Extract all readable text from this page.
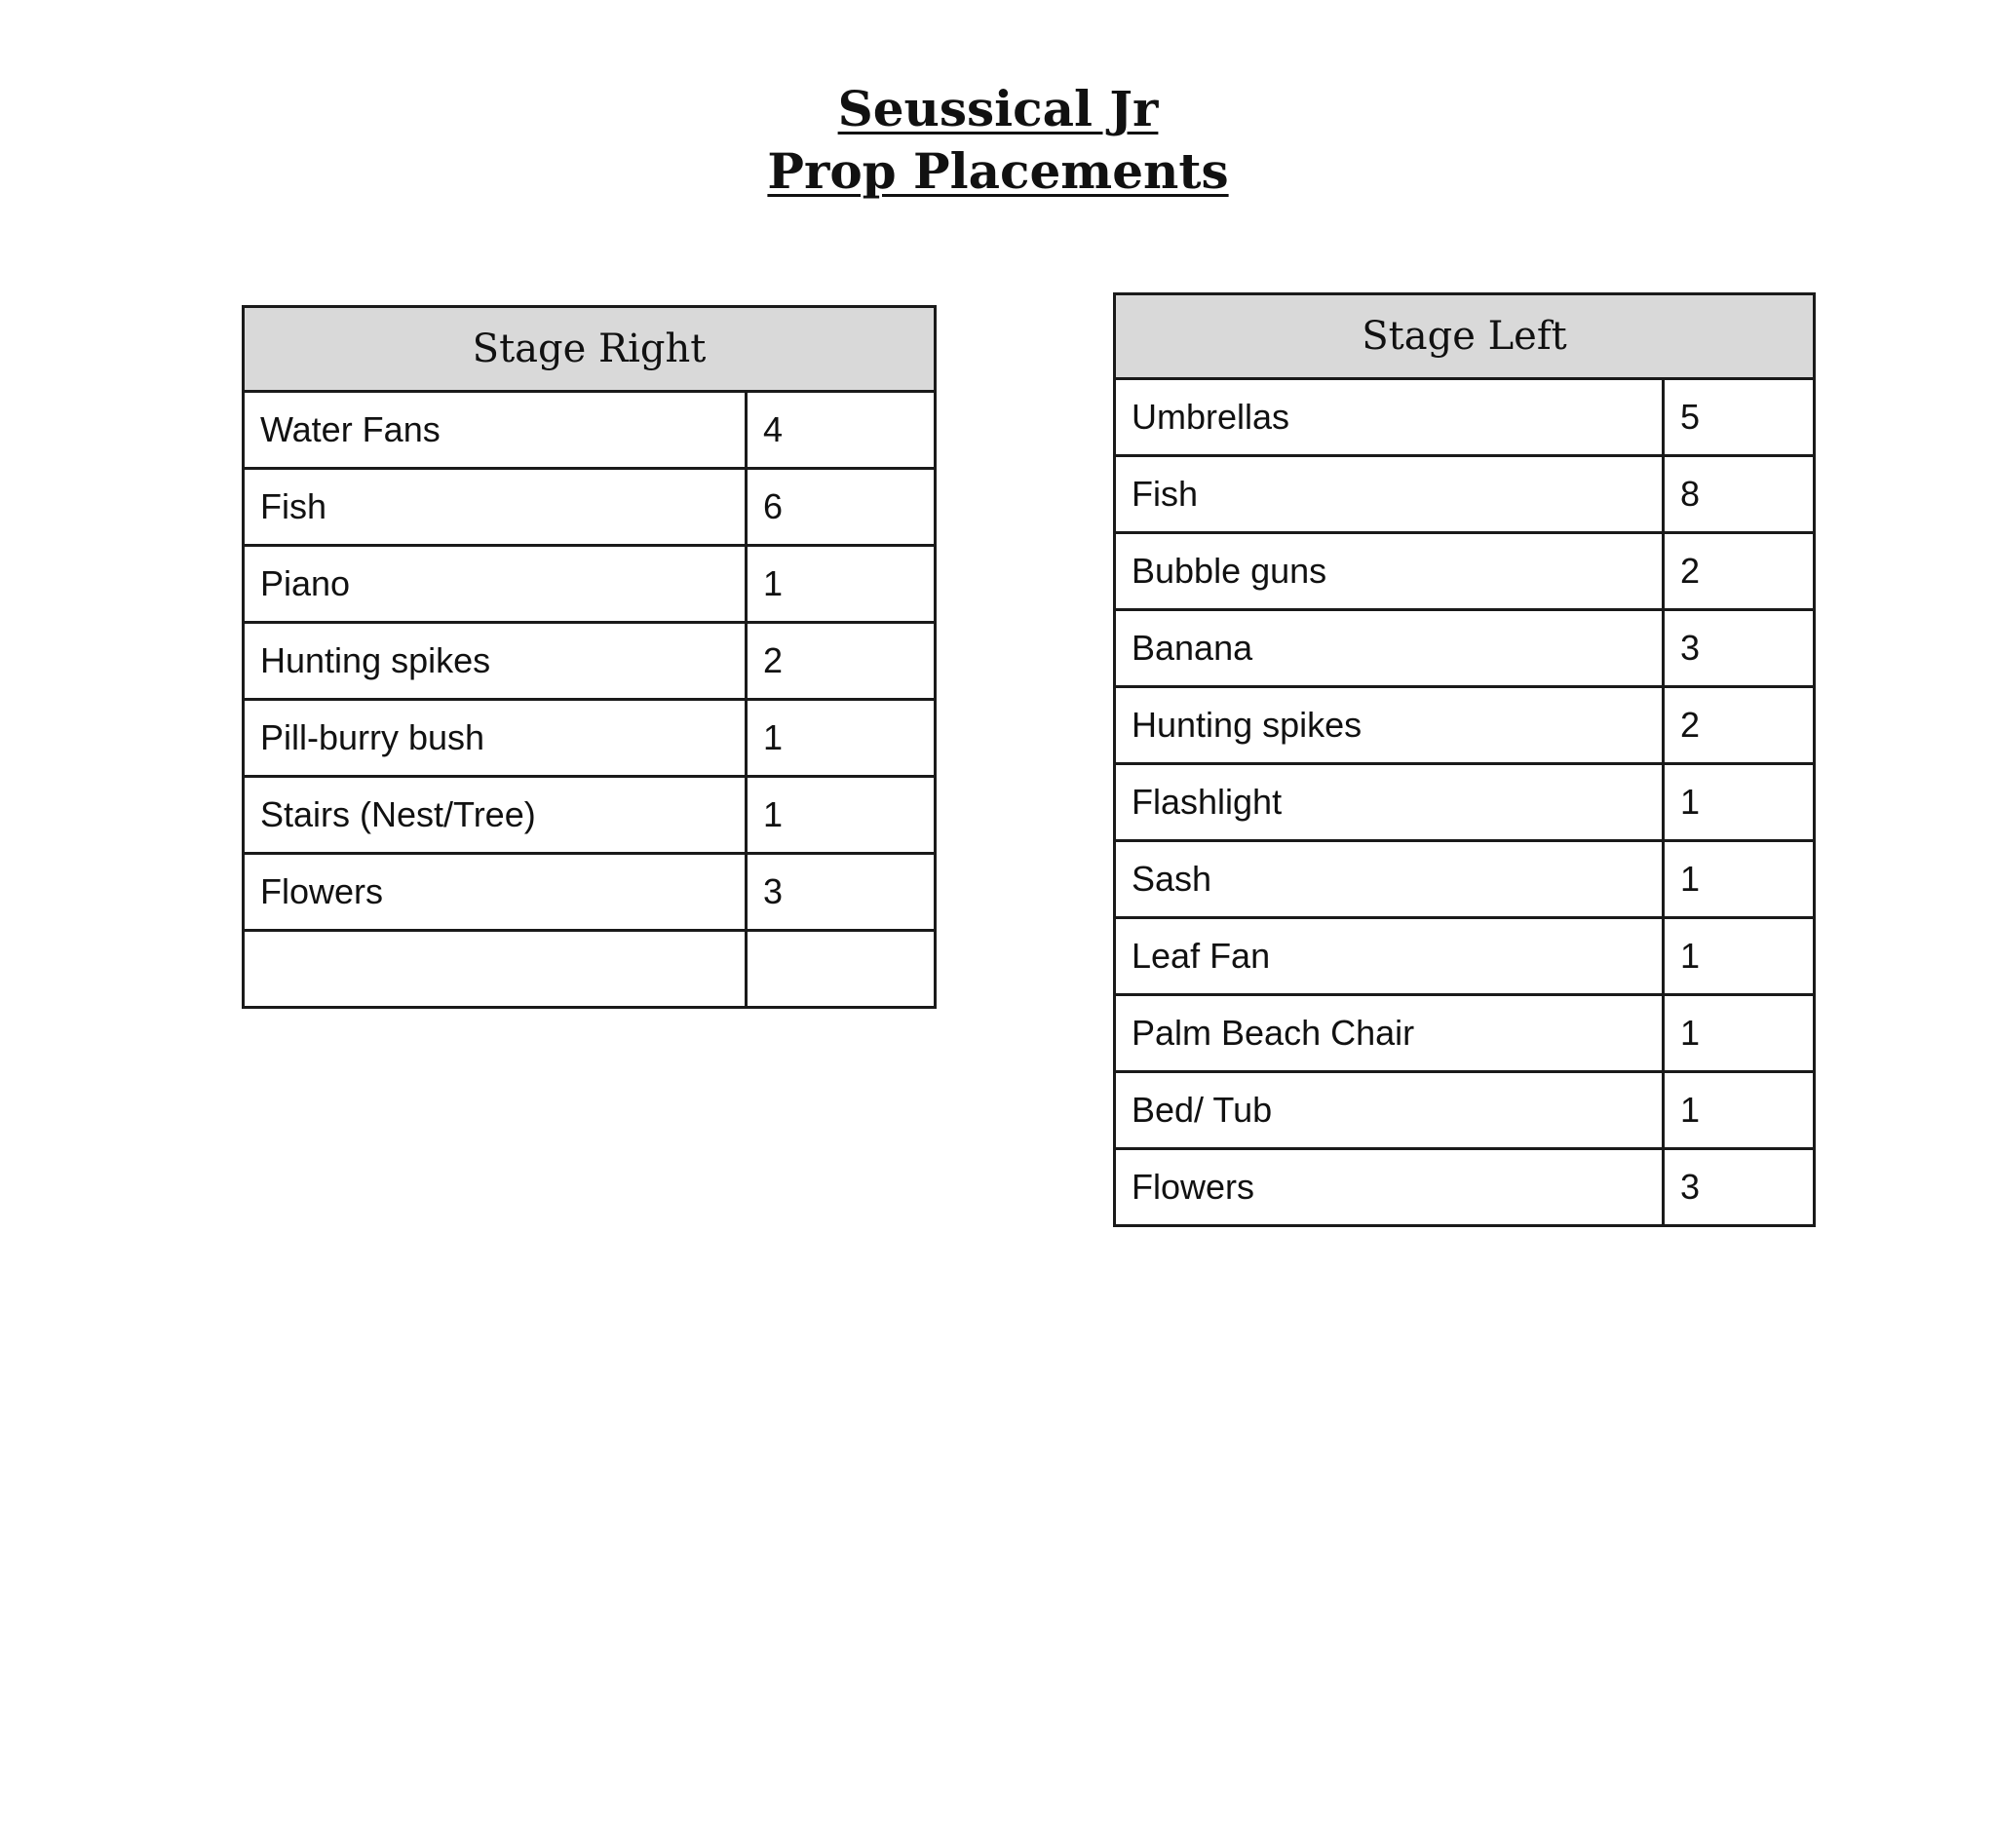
Seussical Jr
Prop Placements
Stage Right	
Water Fans	4
Fish	6
Piano	1
Hunting spikes	2
Pill-burry bush	1
Stairs (Nest/Tree)	1
Flowers	3

Stage Left	
Umbrellas	5
Fish	8
Bubble guns	2
Banana	3
Hunting spikes	2
Flashlight	1
Sash	1
Leaf Fan	1
Palm Beach Chair	1
Bed/ Tub	1
Flowers	3
